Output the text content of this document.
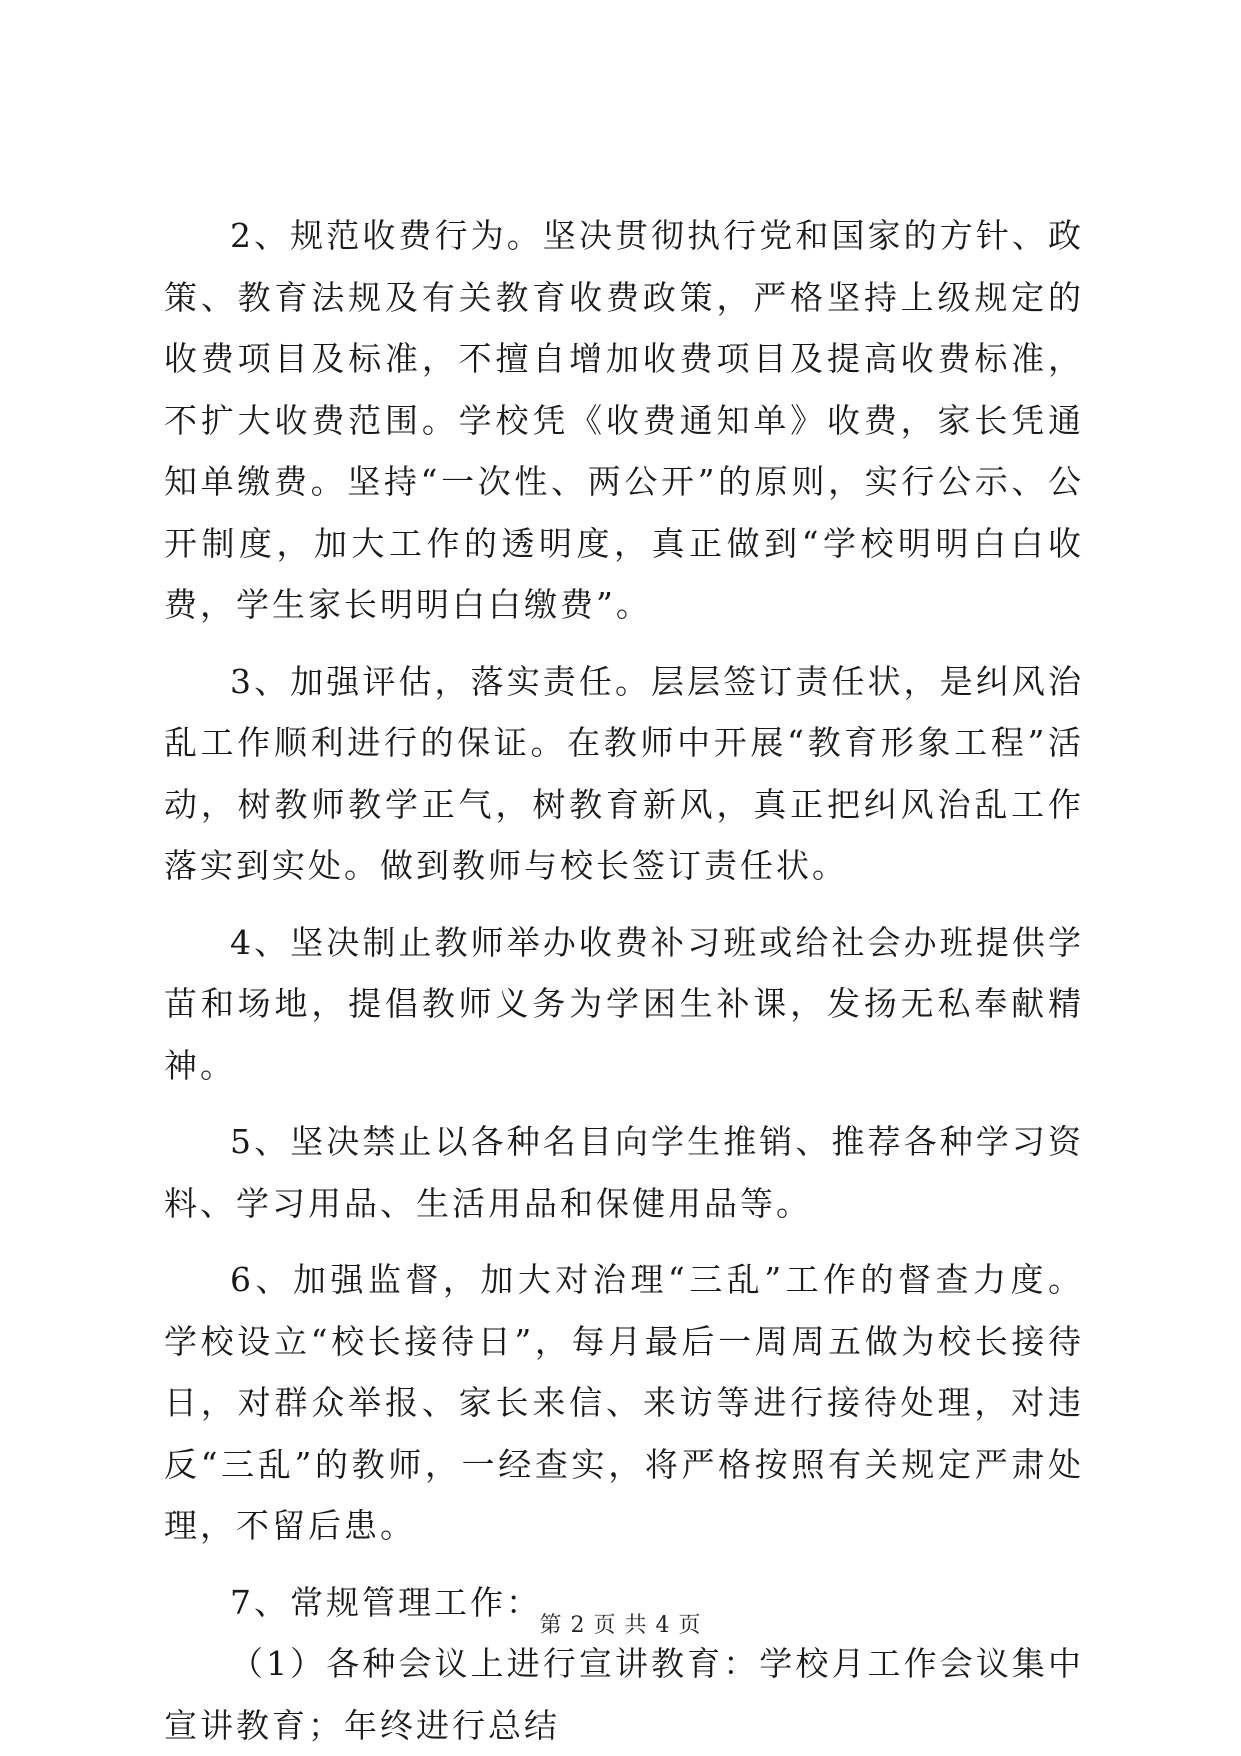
2、规范收费行为。坚决贯彻执行党和国家的方针、政策、教育法规及有关教育收费政策，严格坚持上级规定的收费项目及标准，不擅自增加收费项目及提高收费标准，不扩大收费范围。学校凭《收费通知单》收费，家长凭通知单缴费。坚持“一次性、两公开”的原则，实行公示、公开制度，加大工作的透明度，真正做到“学校明明白白收费，学生家长明明白白缴费”。

3、加强评估，落实责任。层层签订责任状，是纠风治乱工作顺利进行的保证。在教师中开展“教育形象工程”活动，树教师教学正气，树教育新风，真正把纠风治乱工作落实到实处。做到教师与校长签订责任状。

4、坚决制止教师举办收费补习班或给社会办班提供学苗和场地，提倡教师义务为学困生补课，发扬无私奉献精神。

5、坚决禁止以各种名目向学生推销、推荐各种学习资料、学习用品、生活用品和保健用品等。

6、加强监督，加大对治理“三乱”工作的督查力度。学校设立“校长接待日”，每月最后一周周五做为校长接待日，对群众举报、家长来信、来访等进行接待处理，对违反“三乱”的教师，一经查实，将严格按照有关规定严肃处理，不留后患。

7、常规管理工作：

（1）各种会议上进行宣讲教育：学校月工作会议集中宣讲教育；年终进行总结

第 2 页 共 4 页
